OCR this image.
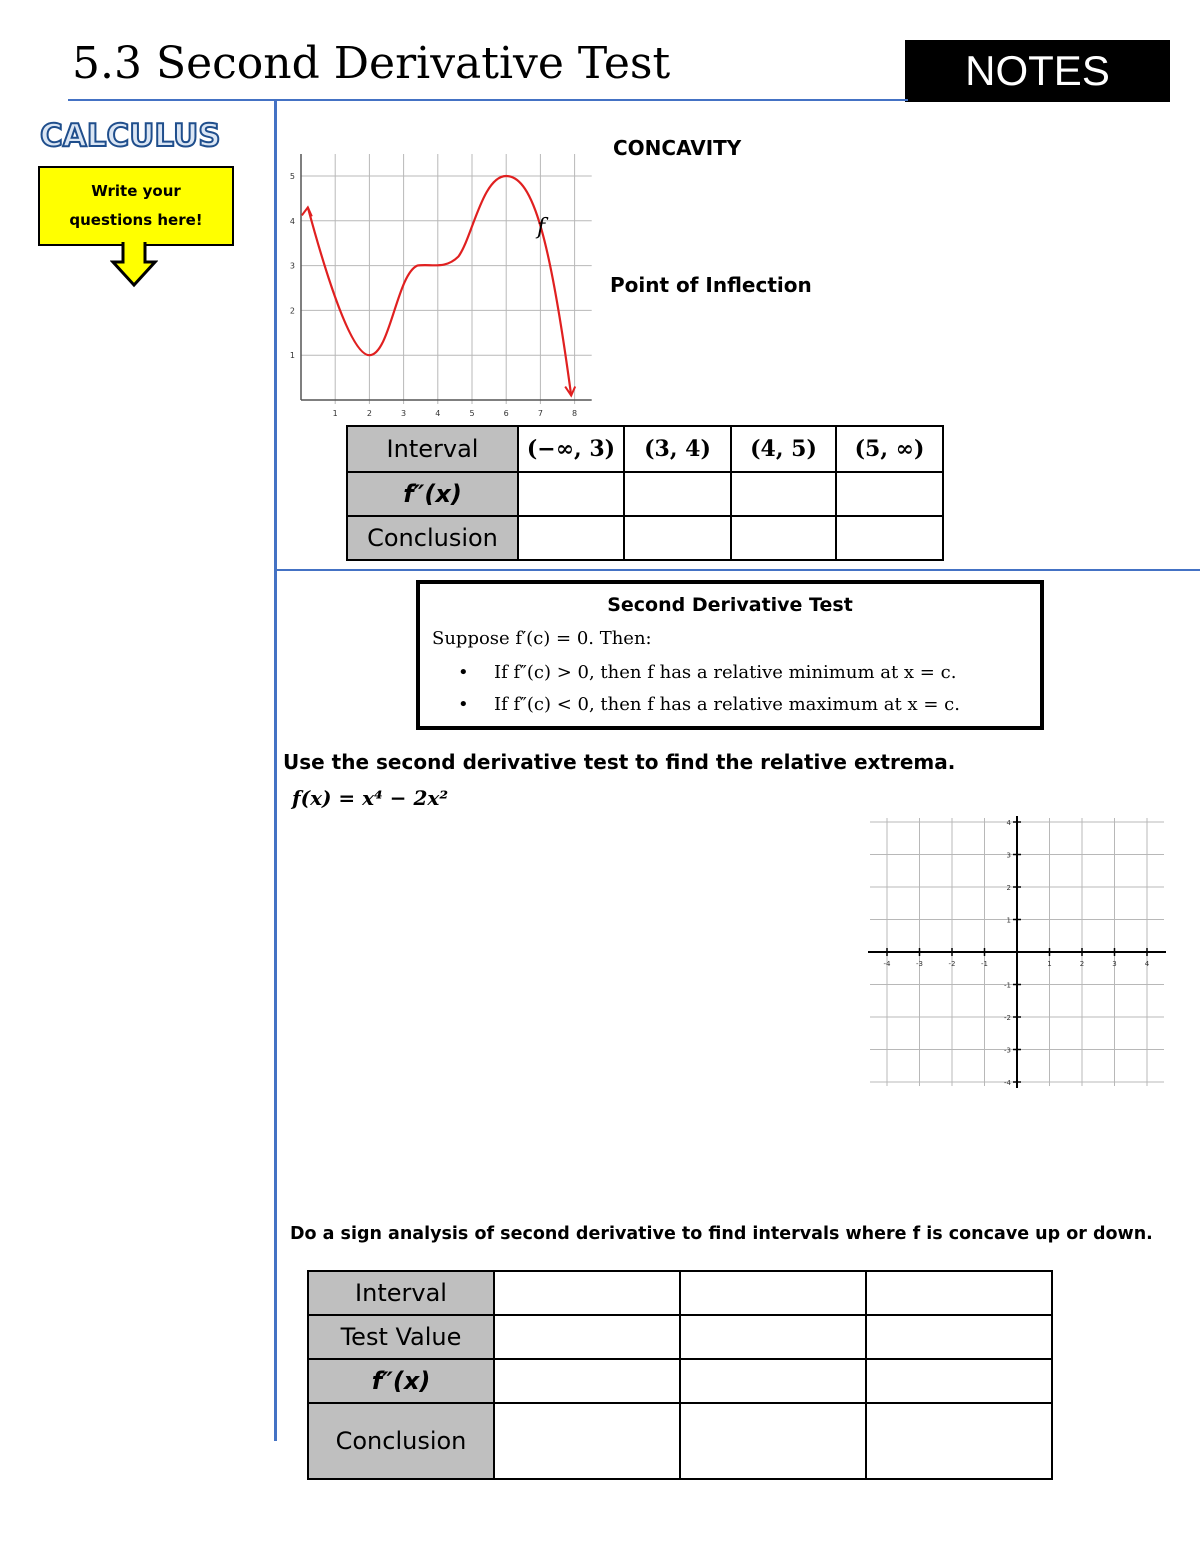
5.3 Second Derivative Test	NOTES
CALCULUS
Write your
questions here!
1	2	3	4	5	6	7	8
1
2
3
4
5
f
CONCAVITY
Point of Inflection
Interval	(−∞, 3)	(3, 4)	(4, 5)	(5, ∞)
f″(x)				
Conclusion				
Second Derivative Test
Suppose f′(c) = 0. Then:
• If f″(c) > 0, then f has a relative minimum at x = c.
• If f″(c) < 0, then f has a relative maximum at x = c.
Use the second derivative test to find the relative extrema.
f(x) = x⁴ − 2x²
-4	-3	-2	-1	1	2	3	4
4
3
2
1
-1
-2
-3
-4
Do a sign analysis of second derivative to find intervals where f is concave up or down.
Interval			
Test Value			
f″(x)			
Conclusion			
